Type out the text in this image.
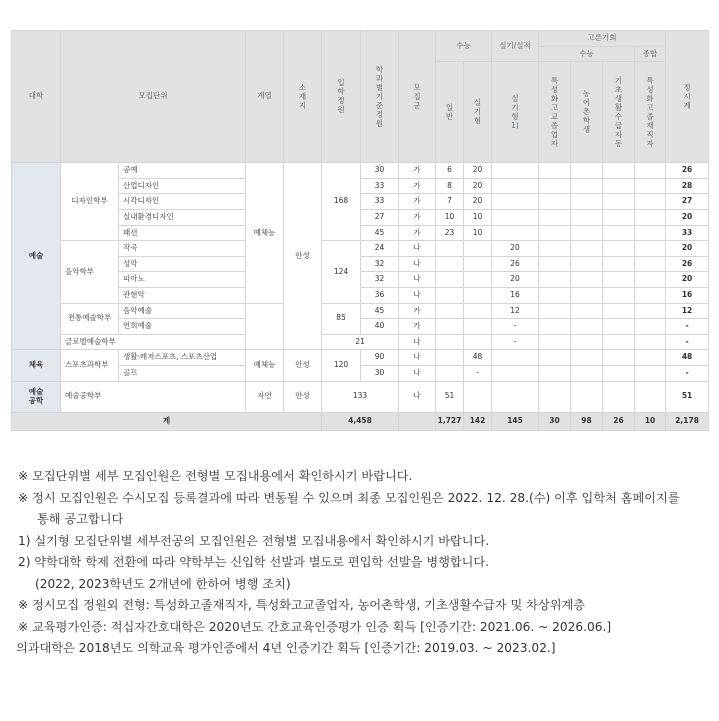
대학	모집단위		계열	소재지	입학정원	학과별기준정원	모집군	수능		실기/실적	고른기회				정시계
											수능			종합	
								일반	실기형	실기형
1)	특성화고교졸업자	농어촌학생	기초생활수급자등	특성화고졸재직자	
예술	디자인학부	공예	예체능	안성	168	30	가	6	20						26
		산업디자인				33	가	8	20						28
		시각디자인				33	가	7	20						27
		실내환경디자인				27	가	10	10						20
		패션				45	가	23	10						33
	음악학부	작곡			124	24	나			20					20
		성악				32	나			26					26
		피아노				32	나			20					20
		관현악				36	나			16					16
	전통예술학부	음악예술			85	45	가			12					12
		연희예술				40	가			-					-
	글로벌예술학부				21		나			-					-
체육	스포츠과학부	생활·레저스포츠, 스포츠산업	예체능	안성	120	90	나		48						48
		골프				30	나		-						-
예술공학	예술공학부		자연	안성	133		나	51							51
계					4,458			1,727	142	145	30	98	26	10	2,178

※ 모집단위별 세부 모집인원은 전형별 모집내용에서 확인하시기 바랍니다.

※ 정시 모집인원은 수시모집 등록결과에 따라 변동될 수 있으며 최종 모집인원은 2022. 12. 28.(수) 이후 입학처 홈페이지를

통해 공고합니다

1) 실기형 모집단위별 세부전공의 모집인원은 전형별 모집내용에서 확인하시기 바랍니다.

2) 약학대학 학제 전환에 따라 약학부는 신입학 선발과 별도로 편입학 선발을 병행합니다.

(2022, 2023학년도 2개년에 한하여 병행 조치)

※ 정시모집 정원외 전형: 특성화고졸재직자, 특성화고교졸업자, 농어촌학생, 기초생활수급자 및 차상위계층

※ 교육평가인증: 적십자간호대학은 2020년도 간호교육인증평가 인증 획득 [인증기간: 2021.06. ~ 2026.06.]

의과대학은 2018년도 의학교육 평가인증에서 4년 인증기간 획득 [인증기간: 2019.03. ~ 2023.02.]
